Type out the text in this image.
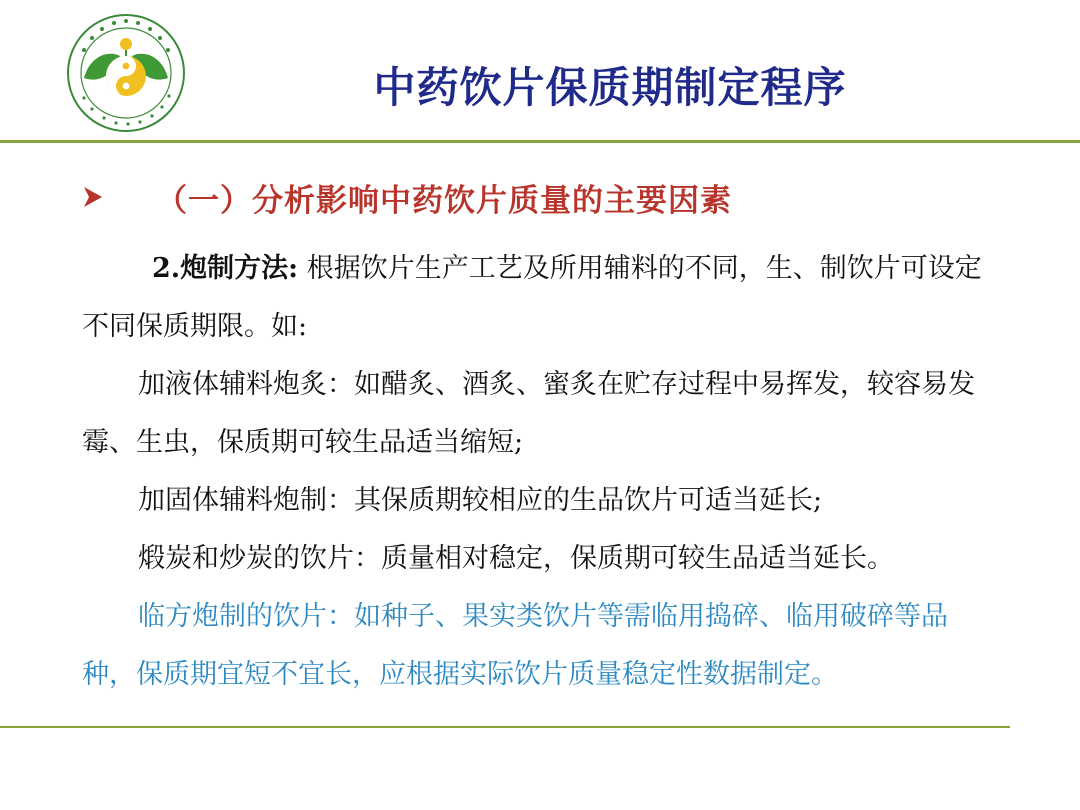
中药饮片保质期制定程序
（一）分析影响中药饮片质量的主要因素

2.炮制方法: 根据饮片生产工艺及所用辅料的不同，生、制饮片可设定不同保质期限。如:

加液体辅料炮炙：如醋炙、酒炙、蜜炙在贮存过程中易挥发，较容易发霉、生虫，保质期可较生品适当缩短;

加固体辅料炮制：其保质期较相应的生品饮片可适当延长;

煅炭和炒炭的饮片：质量相对稳定，保质期可较生品适当延长。

临方炮制的饮片：如种子、果实类饮片等需临用捣碎、临用破碎等品种，保质期宜短不宜长，应根据实际饮片质量稳定性数据制定。
